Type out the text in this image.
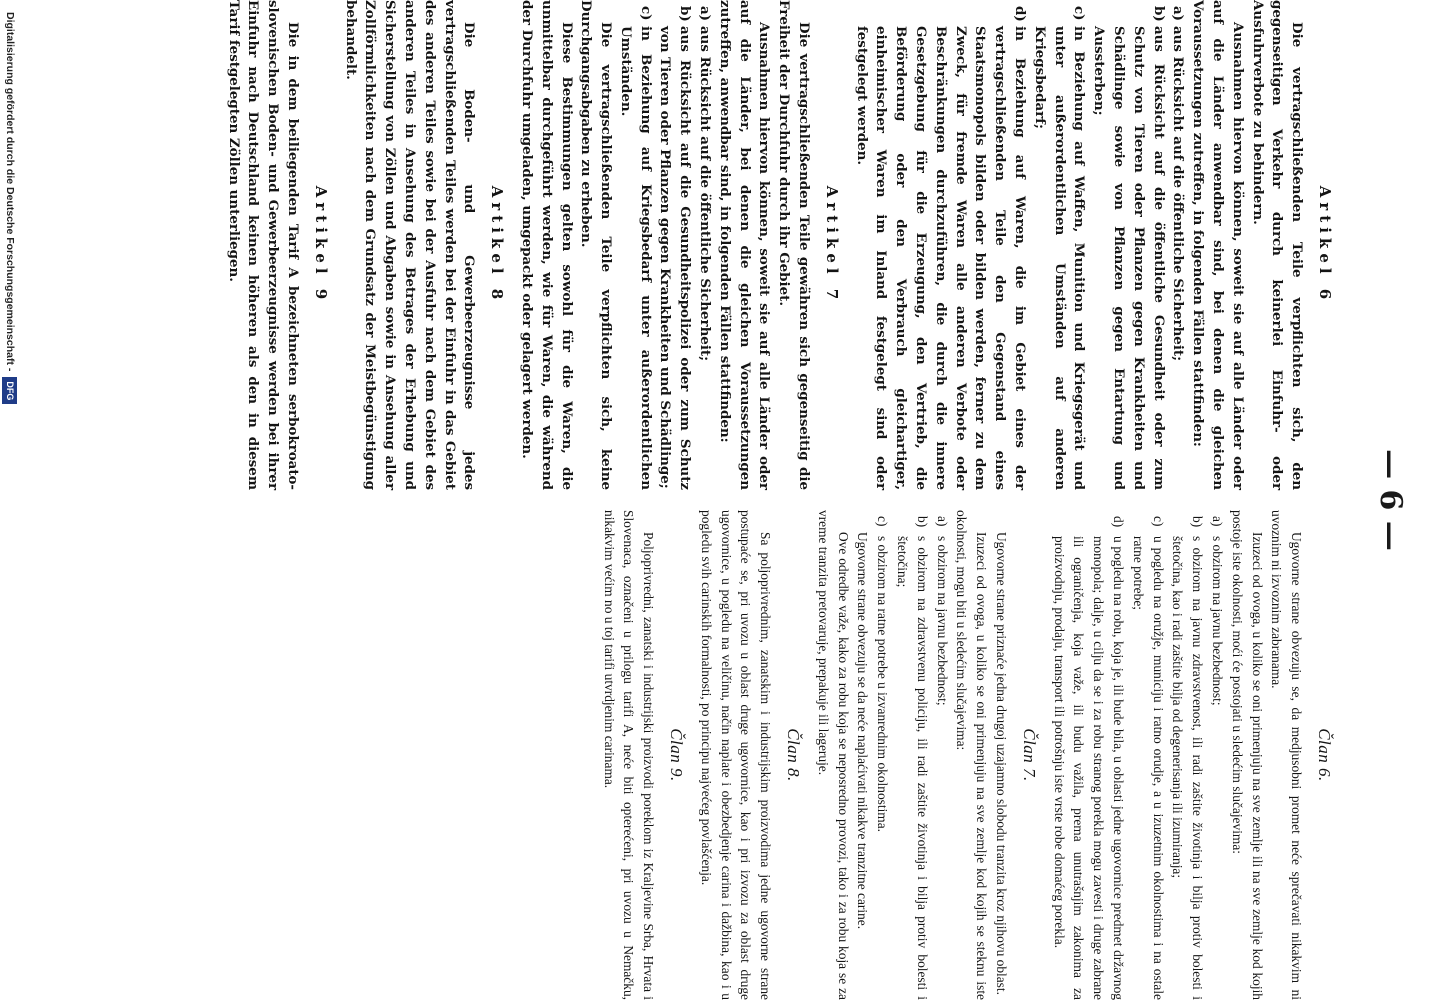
— 6 —
Artikel 6

Die vertragschließenden Teile verpflichten sich, den gegenseitigen Verkehr durch keinerlei Einfuhr- oder Ausfuhrverbote zu behindern.

Ausnahmen hiervon können, soweit sie auf alle Länder oder auf die Länder anwendbar sind, bei denen die gleichen Voraussetzungen zutreffen, in folgenden Fällen stattfinden:

a)aus Rücksicht auf die öffentliche Sicherheit;

b)aus Rücksicht auf die öffentliche Gesundheit oder zum Schutz von Tieren oder Pflanzen gegen Krankheiten und Schädlinge sowie von Pflanzen gegen Entartung und Aussterben;

c)in Beziehung auf Waffen, Munition und Kriegsgerät und unter außerordentlichen Umständen auf anderen Kriegsbedarf;

d)in Beziehung auf Waren, die im Gebiet eines der vertragschließenden Teile den Gegenstand eines Staatsmonopols bilden oder bilden werden, ferner zu dem Zweck, für fremde Waren alle anderen Verbote oder Beschränkungen durchzuführen, die durch die innere Gesetzgebung für die Erzeugung, den Vertrieb, die Beförderung oder den Verbrauch gleichartiger, einheimischer Waren im Inland festgelegt sind oder festgelegt werden.

Artikel 7

Die vertragschließenden Teile gewähren sich gegenseitig die Freiheit der Durchfuhr durch ihr Gebiet.

Ausnahmen hiervon können, soweit sie auf alle Länder oder auf die Länder, bei denen die gleichen Voraussetzungen zutreffen, anwendbar sind, in folgenden Fällen stattfinden:

a)aus Rücksicht auf die öffentliche Sicherheit;

b)aus Rücksicht auf die Gesundheitspolizei oder zum Schutz von Tieren oder Pflanzen gegen Krankheiten und Schädlinge;

c)in Beziehung auf Kriegsbedarf unter außerordentlichen Umständen.

Die vertragschließenden Teile verpflichten sich, keine Durchgangsabgaben zu erheben.

Diese Bestimmungen gelten sowohl für die Waren, die unmittelbar durchgeführt werden, wie für Waren, die während der Durchfuhr umgeladen, umgepackt oder gelagert werden.

Artikel 8

Die Boden- und Gewerbeerzeugnisse jedes vertragschließenden Teiles werden bei der Einfuhr in das Gebiet des anderen Teiles sowie bei der Ausfuhr nach dem Gebiet des anderen Teiles in Ansehung des Betrages der Erhebung und Sicherstellung von Zöllen und Abgaben sowie in Ansehung aller Zollförmlichkeiten nach dem Grundsatz der Meistbegünstigung behandelt.

Artikel 9

Die in dem beiliegenden Tarif A bezeichneten serbokroato-slovenischen Boden- und Gewerbeerzeugnisse werden bei ihrer Einfuhr nach Deutschland keinen höheren als den in diesem Tarif festgelegten Zöllen unterliegen.

Član 6.

Ugovorne strane obvezuju se, da medjusobni promet neće sprečavati nikakvim ni uvoznim ni izvoznim zabranama.

Izuzeci od ovoga, u koliko se oni primenjuju na sve zemlje ili na sve zemlje kod kojih postoje iste okolnosti, moći će postojati u sledećim slučajevima:

a)s obzirom na javnu bezbednost;

b)s obzirom na javnu zdravstvenost, ili radi zaštite životinja i bilja protiv bolesti i štetočina, kao i radi zaštite bilja od degenerisanja ili izumiranja;

c)u pogledu na oružje, municiju i ratno orudje, a u izuzetnim okolnostima i na ostale ratne potrebe;

d)u pogledu na robu, koja je, ili bude bila, u oblasti jedne ugovornice predmet državnog monopola; dalje, u cilju da se i za robu stranog porekla mogu zavesti i druge zabrane ili ograničenja, koja važe, ili budu važila, prema unutrašnjim zakonima za proizvodnju, prodaju, transport ili potrošnju iste vrste robe domaćeg porekla.

Član 7.

Ugovorne strane priznaće jedna drugoj uzajamno slobodu tranzita kroz njihovu oblast.

Izuzeci od ovoga, u koliko se oni primenjuju na sve zemlje kod kojih se steknu iste okolnosti, mogu biti u sledećim slučajevima:

a)s obzirom na javnu bezbednost;

b)s obzirom na zdravstvenu policiju, ili radi zaštite životinja i bilja protiv bolesti i štetočina;

c)s obzirom na ratne potrebe u izvanrednim okolnostima.

Ugovorne strane obvezuju se da neće naplaćivati nikakve tranzitne carine.

Ove odredbe važe, kako za robu koja se neposredno provozi, tako i za robu koja se za vreme tranzita pretovaruje, prepakuje ili lageruje.

Član 8.

Sa poljoprivrednim, zanatskim i industrijskim proizvodima jedne ugovorne strane postupaće se, pri uvozu u oblast druge ugovornice, kao i pri izvozu za oblast druge ugovornice, u pogledu na veličinu, način naplate i obezbedjenje carina i dažbina, kao i u pogledu svih carinskih formalnosti, po principu najvećeg povlašćenja.

Član 9.

Poljoprivredni, zanatski i industrijski proizvodi poreklom iz Kraljevine Srba, Hrvata i Slovenaca, označeni u prilogu tarifi A, neće biti opterećeni, pri uvozu u Nemačku, nikakvim većim no u toj tarifi utvrdjenim carinama.

Digitalisierung gefördert durch die Deutsche Forschungsgemeinschaft -
DFG
